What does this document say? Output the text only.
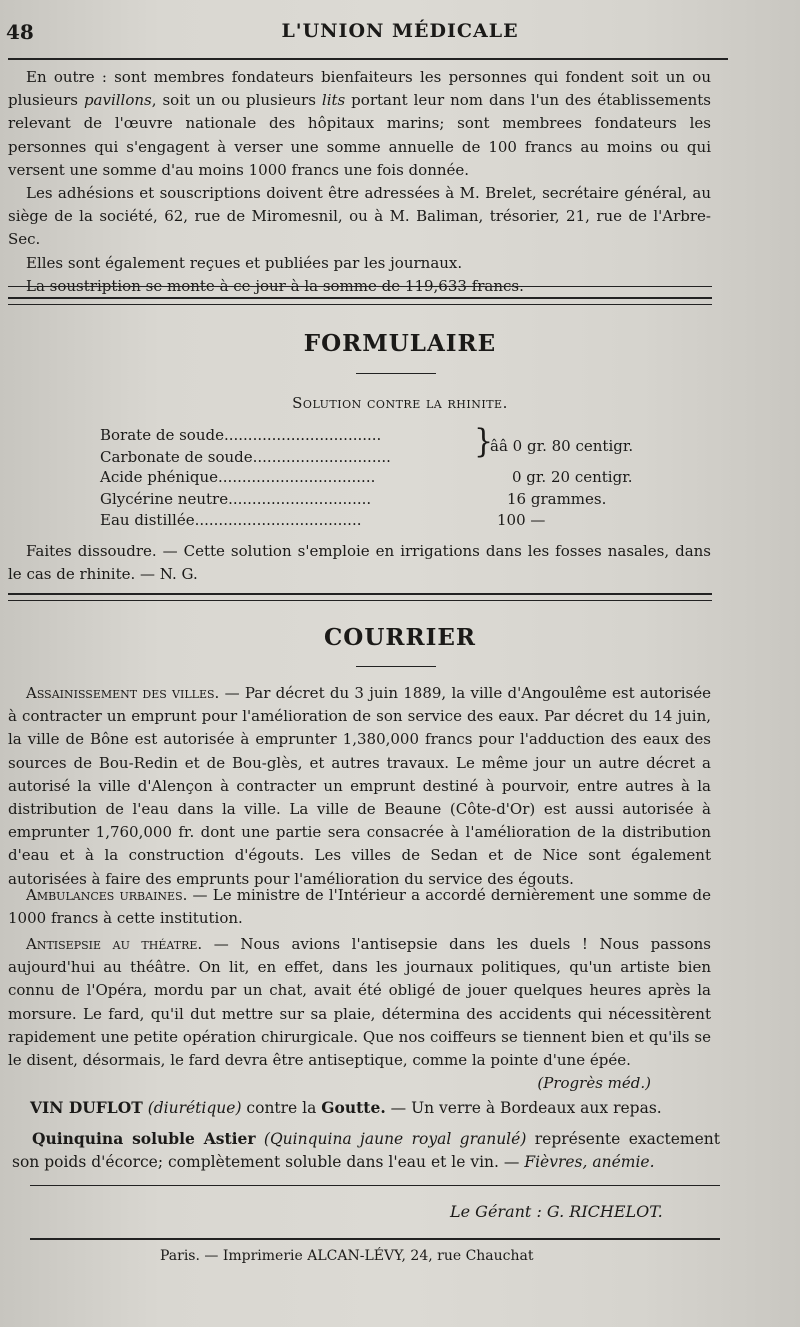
48	L'UNION MÉDICALE

En outre : sont membres fondateurs bienfaiteurs les personnes qui fondent soit un ou plusieurs pavillons, soit un ou plusieurs lits portant leur nom dans l'un des établissements relevant de l'œuvre nationale des hôpitaux marins; sont membrees fondateurs les personnes qui s'engagent à verser une somme annuelle de 100 francs au moins ou qui versent une somme d'au moins 1000 francs une fois donnée.

Les adhésions et souscriptions doivent être adressées à M. Brelet, secrétaire général, au siège de la société, 62, rue de Miromesnil, ou à M. Baliman, trésorier, 21, rue de l'Arbre-Sec.

Elles sont également reçues et publiées par les journaux.

La soustription se monte à ce jour à la somme de 119,633 francs.

FORMULAIRE
Solution contre la rhinite.
Borate de soude.................................
Carbonate de soude.............................	}
ââ 0 gr. 80 centigr.
Acide phénique.................................	0 gr. 20 centigr.
Glycérine neutre..............................	16 grammes.
Eau distillée...................................	100 —

Faites dissoudre. — Cette solution s'emploie en irrigations dans les fosses nasales, dans le cas de rhinite. — N. G.

COURRIER

Assainissement des villes. — Par décret du 3 juin 1889, la ville d'Angoulême est autorisée à contracter un emprunt pour l'amélioration de son service des eaux. Par décret du 14 juin, la ville de Bône est autorisée à emprunter 1,380,000 francs pour l'adduction des eaux des sources de Bou-Redin et de Bou-glès, et autres travaux. Le même jour un autre décret a autorisé la ville d'Alençon à contracter un emprunt destiné à pourvoir, entre autres à la distribution de l'eau dans la ville. La ville de Beaune (Côte-d'Or) est aussi autorisée à emprunter 1,760,000 fr. dont une partie sera consacrée à l'amélioration de la distribution d'eau et à la construction d'égouts. Les villes de Sedan et de Nice sont également autorisées à faire des emprunts pour l'amélioration du service des égouts.

Ambulances urbaines. — Le ministre de l'Intérieur a accordé dernièrement une somme de 1000 francs à cette institution.

Antisepsie au théatre. — Nous avions l'antisepsie dans les duels ! Nous passons aujourd'hui au théâtre. On lit, en effet, dans les journaux politiques, qu'un artiste bien connu de l'Opéra, mordu par un chat, avait été obligé de jouer quelques heures après la morsure. Le fard, qu'il dut mettre sur sa plaie, détermina des accidents qui nécessitèrent rapidement une petite opération chirurgicale. Que nos coiffeurs se tiennent bien et qu'ils se le disent, désormais, le fard devra être antiseptique, comme la pointe d'une épée.

(Progrès méd.)

VIN DUFLOT (diurétique) contre la Goutte. — Un verre à Bordeaux aux repas.
Quinquina soluble Astier (Quinquina jaune royal granulé) représente exactement son poids d'écorce; complètement soluble dans l'eau et le vin. — Fièvres, anémie.
Le Gérant : G. RICHELOT.
Paris. — Imprimerie ALCAN-LÉVY, 24, rue Chauchat
